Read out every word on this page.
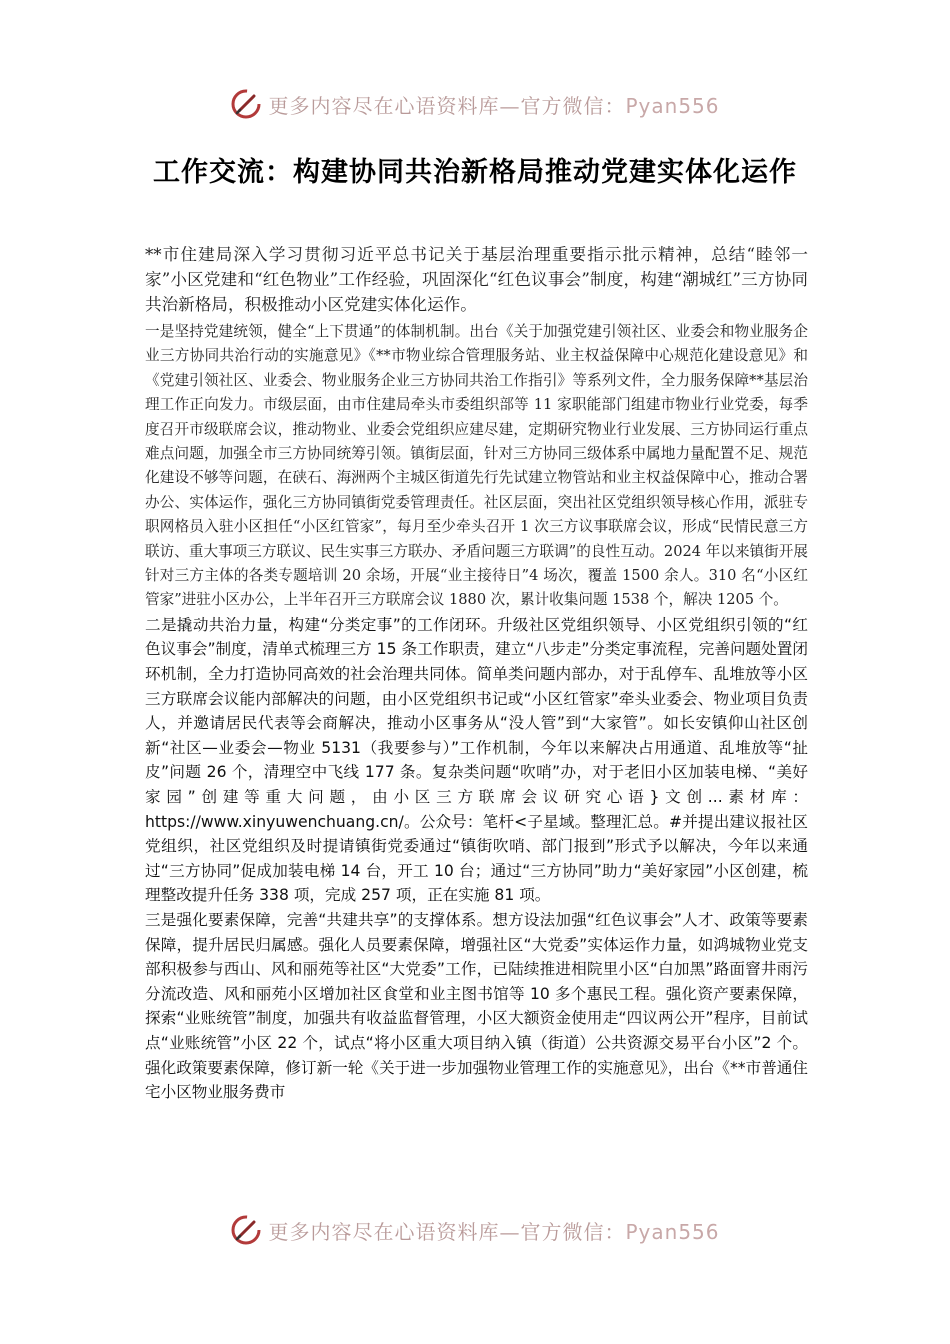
更多内容尽在心语资料库—官方微信：Pyan556
工作交流：构建协同共治新格局推动党建实体化运作

**市住建局深入学习贯彻习近平总书记关于基层治理重要指示批示精神，总结“睦邻一家”小区党建和“红色物业”工作经验，巩固深化“红色议事会”制度，构建“潮城红”三方协同共治新格局，积极推动小区党建实体化运作。

一是坚持党建统领，健全“上下贯通”的体制机制。出台《关于加强党建引领社区、业委会和物业服务企业三方协同共治行动的实施意见》《**市物业综合管理服务站、业主权益保障中心规范化建设意见》和《党建引领社区、业委会、物业服务企业三方协同共治工作指引》等系列文件，全力服务保障**基层治理工作正向发力。市级层面，由市住建局牵头市委组织部等 11 家职能部门组建市物业行业党委，每季度召开市级联席会议，推动物业、业委会党组织应建尽建，定期研究物业行业发展、三方协同运行重点难点问题，加强全市三方协同统筹引领。镇街层面，针对三方协同三级体系中属地力量配置不足、规范化建设不够等问题，在硖石、海洲两个主城区街道先行先试建立物管站和业主权益保障中心，推动合署办公、实体运作，强化三方协同镇街党委管理责任。社区层面，突出社区党组织领导核心作用，派驻专职网格员入驻小区担任“小区红管家”，每月至少牵头召开 1 次三方议事联席会议，形成“民情民意三方联访、重大事项三方联议、民生实事三方联办、矛盾问题三方联调”的良性互动。2024 年以来镇街开展针对三方主体的各类专题培训 20 余场，开展“业主接待日”4 场次，覆盖 1500 余人。310 名“小区红管家”进驻小区办公，上半年召开三方联席会议 1880 次，累计收集问题 1538 个，解决 1205 个。

二是撬动共治力量，构建“分类定事”的工作闭环。升级社区党组织领导、小区党组织引领的“红色议事会”制度，清单式梳理三方 15 条工作职责，建立“八步走”分类定事流程，完善问题处置闭环机制，全力打造协同高效的社会治理共同体。简单类问题内部办，对于乱停车、乱堆放等小区三方联席会议能内部解决的问题，由小区党组织书记或“小区红管家”牵头业委会、物业项目负责人，并邀请居民代表等会商解决，推动小区事务从“没人管”到“大家管”。如长安镇仰山社区创新“社区—业委会—物业 5131（我要参与）”工作机制，今年以来解决占用通道、乱堆放等“扯皮”问题 26 个，清理空中飞线 177 条。复杂类问题“吹哨”办，对于老旧小区加装电梯、“美好家园”创建等重大问题，由小区三方联席会议研究心语}文创...素材库：https://www.xinyuwenchuang.cn/。公众号：笔杆<子星域。整理汇总。#并提出建议报社区党组织，社区党组织及时提请镇街党委通过“镇街吹哨、部门报到”形式予以解决，今年以来通过“三方协同”促成加装电梯 14 台，开工 10 台；通过“三方协同”助力“美好家园”小区创建，梳理整改提升任务 338 项，完成 257 项，正在实施 81 项。

三是强化要素保障，完善“共建共享”的支撑体系。想方设法加强“红色议事会”人才、政策等要素保障，提升居民归属感。强化人员要素保障，增强社区“大党委”实体运作力量，如鸿城物业党支部积极参与西山、风和丽苑等社区“大党委”工作，已陆续推进相院里小区“白加黑”路面窨井雨污分流改造、风和丽苑小区增加社区食堂和业主图书馆等 10 多个惠民工程。强化资产要素保障，探索“业账统管”制度，加强共有收益监督管理，小区大额资金使用走“四议两公开”程序，目前试点“业账统管”小区 22 个，试点“将小区重大项目纳入镇（街道）公共资源交易平台小区”2 个。强化政策要素保障，修订新一轮《关于进一步加强物业管理工作的实施意见》，出台《**市普通住宅小区物业服务费市

更多内容尽在心语资料库—官方微信：Pyan556
